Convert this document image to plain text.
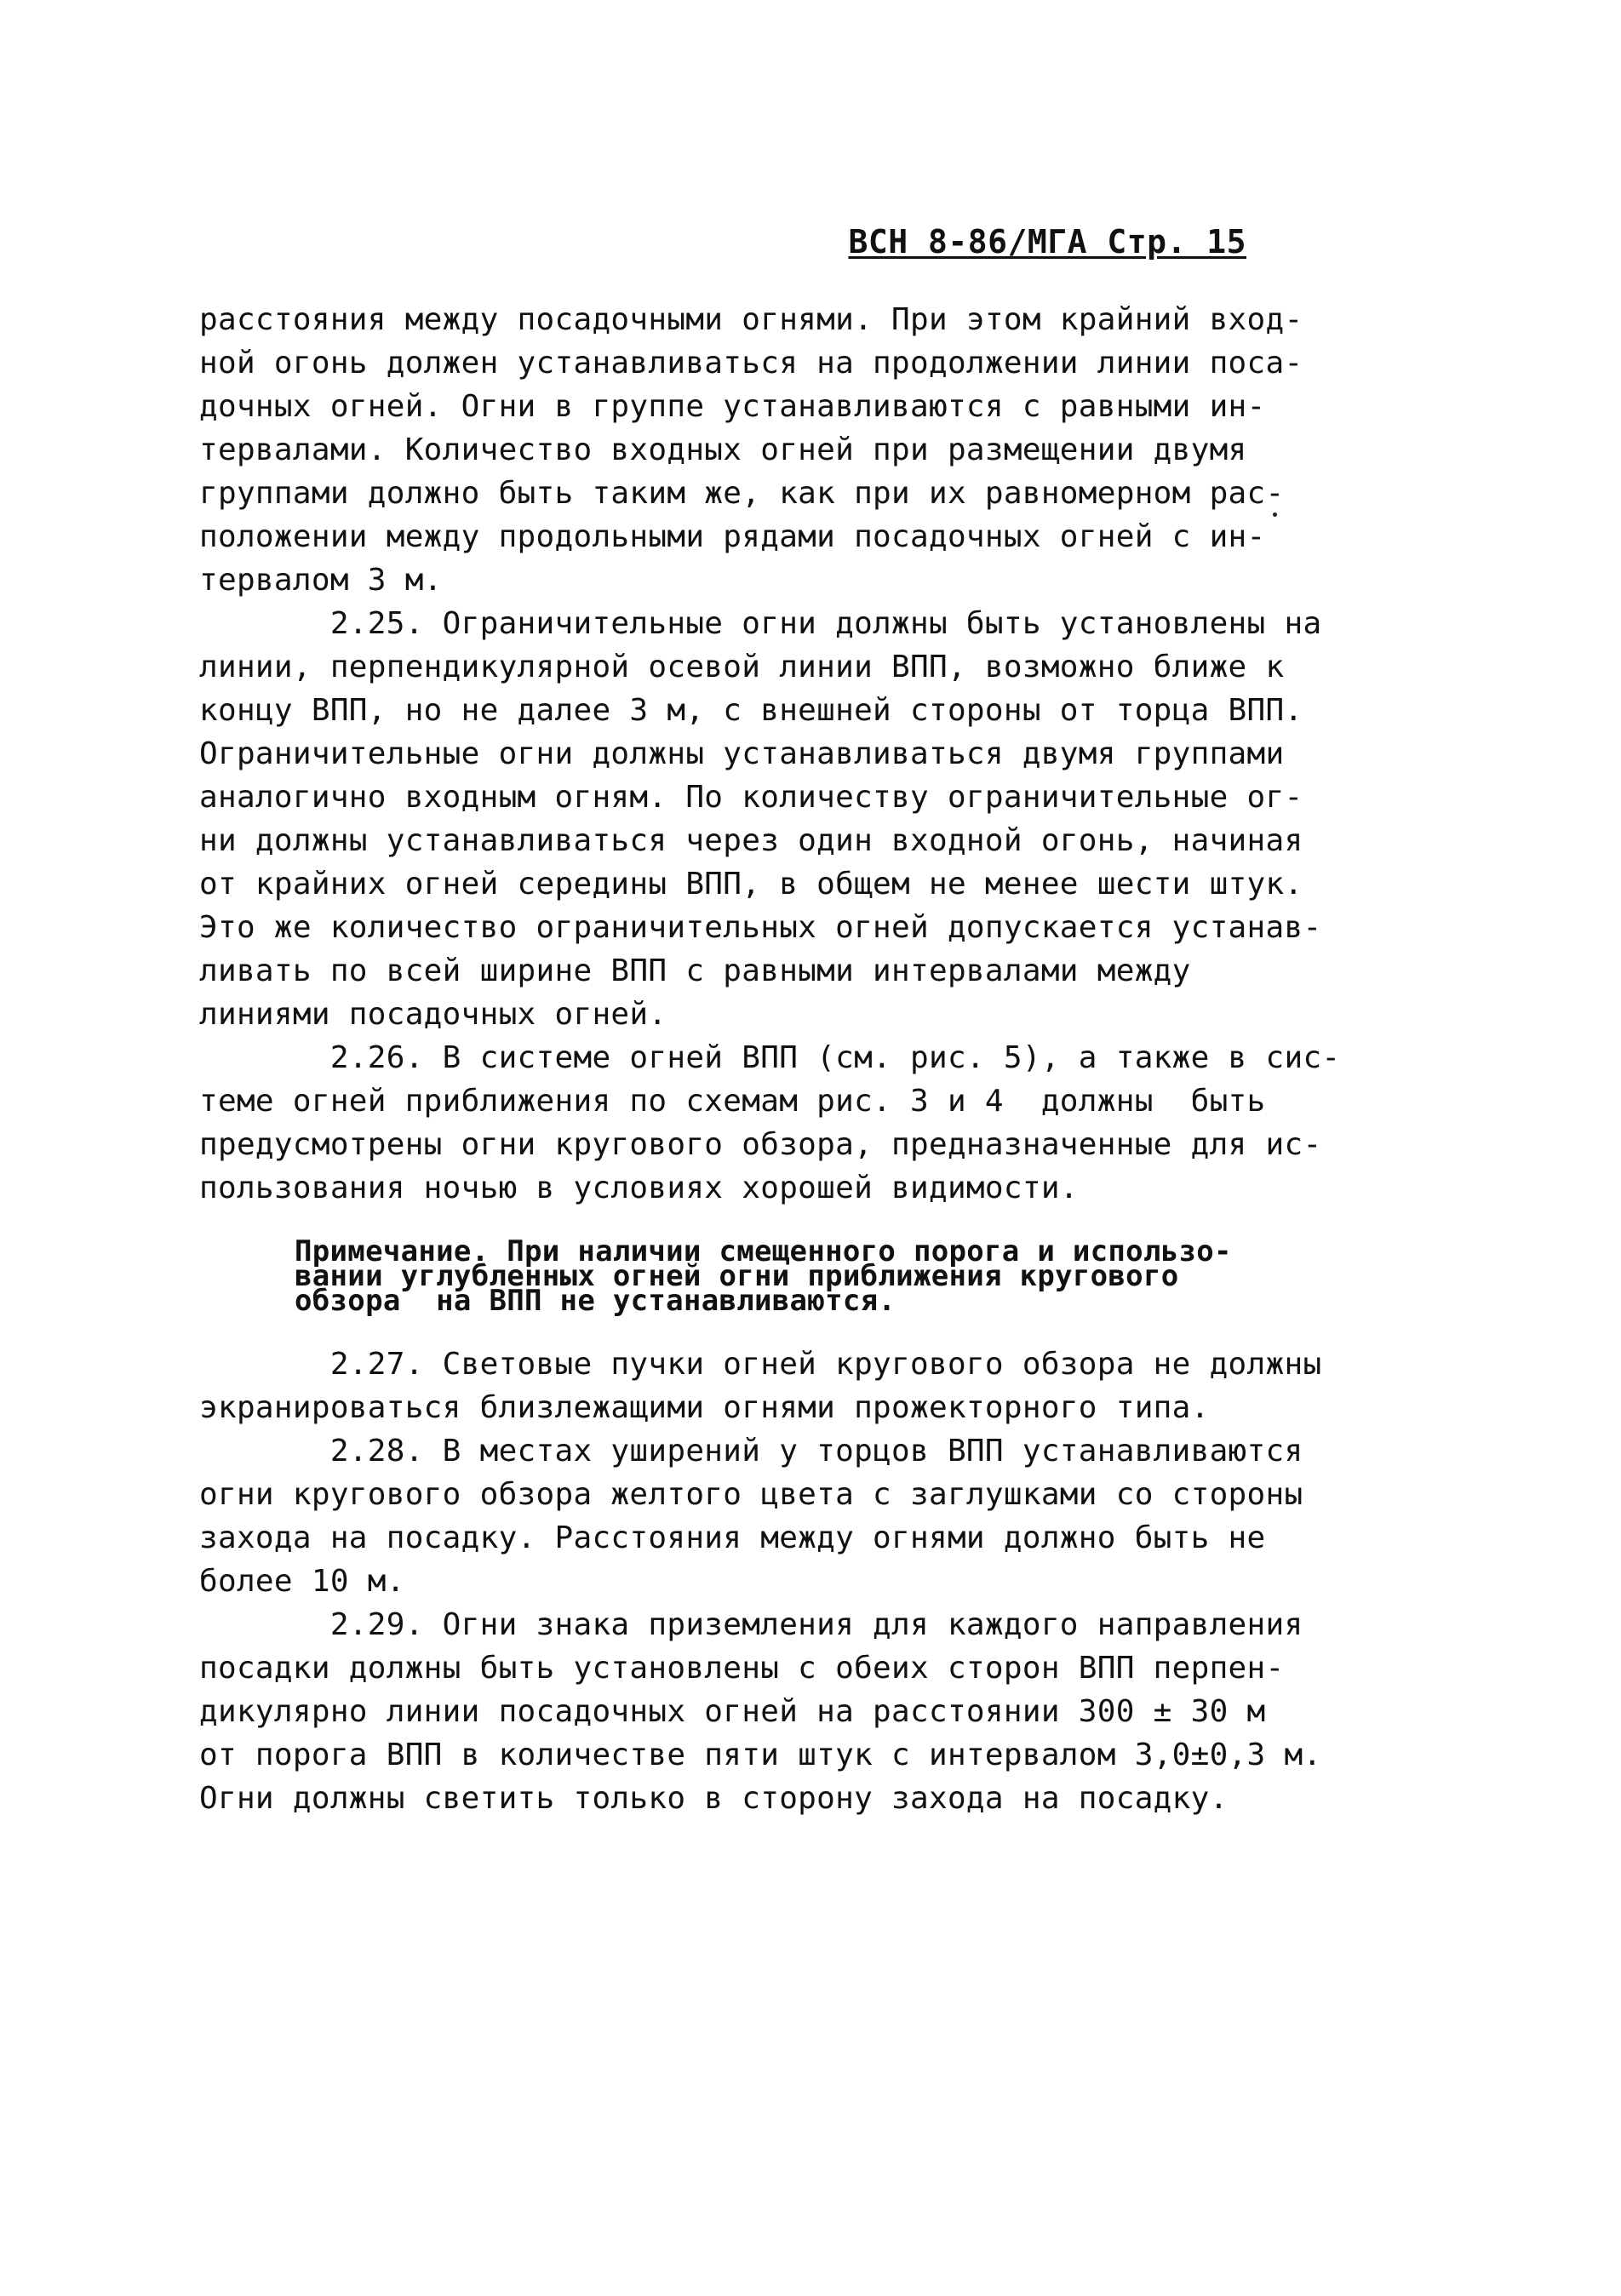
ВСН 8-86/МГА Стр. 15
расстояния между посадочными огнями. При этом крайний вход-
ной огонь должен устанавливаться на продолжении линии поса-
дочных огней. Огни в группе устанавливаются с равными ин-
тервалами. Количество входных огней при размещении двумя
группами должно быть таким же, как при их равномерном рас-
положении между продольными рядами посадочных огней с ин-
тервалом 3 м.
2.25. Ограничительные огни должны быть установлены на
линии, перпендикулярной осевой линии ВПП, возможно ближе к
концу ВПП, но не далее 3 м, с внешней стороны от торца ВПП.
Ограничительные огни должны устанавливаться двумя группами
аналогично входным огням. По количеству ограничительные ог-
ни должны устанавливаться через один входной огонь, начиная
от крайних огней середины ВПП, в общем не менее шести штук.
Это же количество ограничительных огней допускается устанав-
ливать по всей ширине ВПП с равными интервалами между
линиями посадочных огней.
2.26. В системе огней ВПП (см. рис. 5), а также в сис-
теме огней приближения по схемам рис. 3 и 4  должны  быть
предусмотрены огни кругового обзора, предназначенные для ис-
пользования ночью в условиях хорошей видимости.
Примечание. При наличии смещенного порога и использо-
вании углубленных огней огни приближения кругового
обзора  на ВПП не устанавливаются.
2.27. Световые пучки огней кругового обзора не должны
экранироваться близлежащими огнями прожекторного типа.
2.28. В местах уширений у торцов ВПП устанавливаются
огни кругового обзора желтого цвета с заглушками со стороны
захода на посадку. Расстояния между огнями должно быть не
более 10 м.
2.29. Огни знака приземления для каждого направления
посадки должны быть установлены с обеих сторон ВПП перпен-
дикулярно линии посадочных огней на расстоянии 300 ± 30 м
от порога ВПП в количестве пяти штук с интервалом 3,0±0,3 м.
Огни должны светить только в сторону захода на посадку.
